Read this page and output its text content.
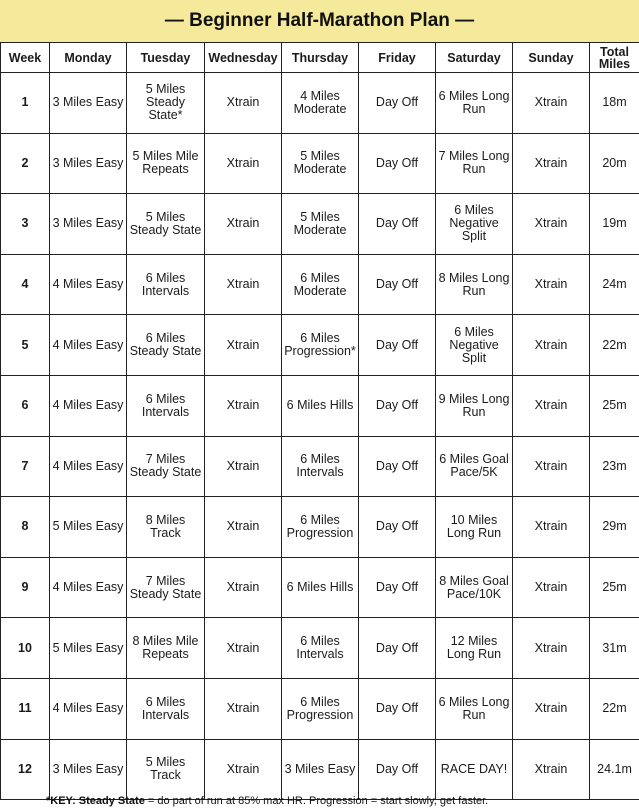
— Beginner Half-Marathon Plan —
Week	Monday	Tuesday	Wednesday	Thursday	Friday	Saturday	Sunday	Total Miles
1	3 Miles Easy	5 Miles Steady State*	Xtrain	4 Miles Moderate	Day Off	6 Miles Long Run	Xtrain	18m
2	3 Miles Easy	5 Miles Mile Repeats	Xtrain	5 Miles Moderate	Day Off	7 Miles Long Run	Xtrain	20m
3	3 Miles Easy	5 Miles Steady State	Xtrain	5 Miles Moderate	Day Off	6 Miles Negative Split	Xtrain	19m
4	4 Miles Easy	6 Miles Intervals	Xtrain	6 Miles Moderate	Day Off	8 Miles Long Run	Xtrain	24m
5	4 Miles Easy	6 Miles Steady State	Xtrain	6 Miles Progression*	Day Off	6 Miles Negative Split	Xtrain	22m
6	4 Miles Easy	6 Miles Intervals	Xtrain	6 Miles Hills	Day Off	9 Miles Long Run	Xtrain	25m
7	4 Miles Easy	7 Miles Steady State	Xtrain	6 Miles Intervals	Day Off	6 Miles Goal Pace/5K	Xtrain	23m
8	5 Miles Easy	8 Miles Track	Xtrain	6 Miles Progression	Day Off	10 Miles Long Run	Xtrain	29m
9	4 Miles Easy	7 Miles Steady State	Xtrain	6 Miles Hills	Day Off	8 Miles Goal Pace/10K	Xtrain	25m
10	5 Miles Easy	8 Miles Mile Repeats	Xtrain	6 Miles Intervals	Day Off	12 Miles Long Run	Xtrain	31m
11	4 Miles Easy	6 Miles Intervals	Xtrain	6 Miles Progression	Day Off	6 Miles Long Run	Xtrain	22m
12	3 Miles Easy	5 Miles Track	Xtrain	3 Miles Easy	Day Off	RACE DAY!	Xtrain	24.1m
*KEY: Steady State = do part of run at 85% max HR. Progression = start slowly, get faster.
